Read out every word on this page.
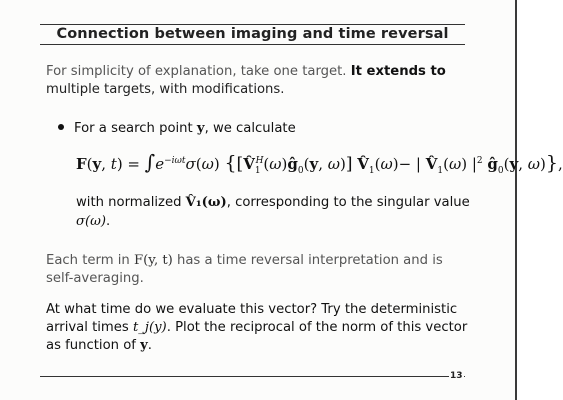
Connection between imaging and time reversal
For simplicity of explanation, take one target. It extends to
multiple targets, with modifications.
For a search point y, we calculate
F(y, $t) = \int e^{-i\omega t}\sigma(\omega)$ {[$V̂_1^H(\omega)ĝ_0(y$, ω)] $V̂_1(\omega)-$ | $V̂_1(\omega)$ $|^2$ $ĝ_0(y$, ω)},
with normalized V̂₁(ω), corresponding to the singular value
σ(ω).
Each term in F(y, t) has a time reversal interpretation and is
self-averaging.
At what time do we evaluate this vector? Try the deterministic
arrival times t_j(y). Plot the reciprocal of the norm of this vector
as function of y.
13
